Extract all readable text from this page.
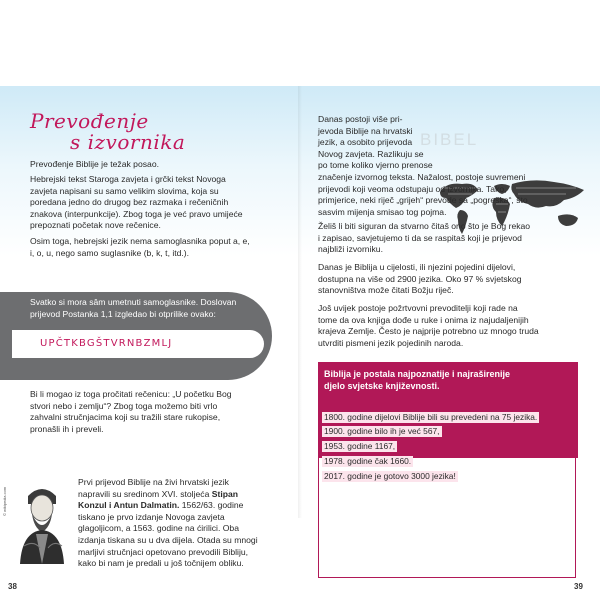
Prevođenje
s izvornika

Prevođenje Biblije je težak posao.

Hebrejski tekst Staroga zavjeta i grčki tekst Novoga
zavjeta napisani su samo velikim slovima, koja su
poredana jedno do drugog bez razmaka i rečeničnih
znakova (interpunkcije). Zbog toga je već pravo umijeće
prepoznati početak nove rečenice.
Osim toga, hebrejski jezik nema samoglasnika poput a, e,
i, o, u, nego samo suglasnike (b, k, t, itd.).
Svatko si mora sâm umetnuti samoglasnike. Doslovan
prijevod Postanka 1,1 izgledao bi otprilike ovako:
UPČTKBGŠTVRNBZMLJ
Bi li mogao iz toga pročitati rečenicu: „U početku Bog
stvori nebo i zemlju“? Zbog toga možemo biti vrlo
zahvalni stručnjacima koji su tražili stare rukopise,
pronašli ih i preveli.
© wikipedia.com
Prvi prijevod Biblije na živi hrvatski jezik
napravili su sredinom XVI. stoljeća Stipan
Konzul i Antun Dalmatin. 1562/63. godine
tiskano je prvo izdanje Novoga zavjeta
glagoljicom, a 1563. godine na ćirilici. Oba
izdanja tiskana su u dva dijela. Otada su mnogi
marljivi stručnjaci opetovano prevodili Bibliju,
kako bi nam je predali u još točnijem obliku.
38
BIBEL
Danas postoji više pri-
jevoda Biblije na hrvatski
jezik, a osobito prijevoda
Novog zavjeta. Razlikuju se
po tome koliko vjerno prenose
značenje izvornog teksta. Nažalost, postoje suvremeni
prijevodi koji veoma odstupaju od izvornika. Tako,
primjerice, neki riječ „grijeh“ prevode sa „pogreška“, što
sasvim mijenja smisao tog pojma.
Želiš li biti siguran da stvarno čitaš ono što je Bog rekao
i zapisao, savjetujemo ti da se raspitaš koji je prijevod
najbliži izvorniku.
Danas je Biblija u cijelosti, ili njezini pojedini dijelovi,
dostupna na više od 2900 jezika. Oko 97 % svjetskog
stanovništva može čitati Božju riječ.
Još uvijek postoje požrtvovni prevoditelji koji rade na
tome da ova knjiga dođe u ruke i onima iz najudaljenijih
krajeva Zemlje. Često je najprije potrebno uz mnogo truda
utvrditi pismeni jezik pojedinih naroda.
Biblija je postala najpoznatije i najraširenije
djelo svjetske književnosti.
1800. godine dijelovi Biblije bili su prevedeni na 75 jezika.
1900. godine bilo ih je već 567,
1953. godine 1167,
1978. godine čak 1660.
2017. godine je gotovo 3000 jezika!
39
